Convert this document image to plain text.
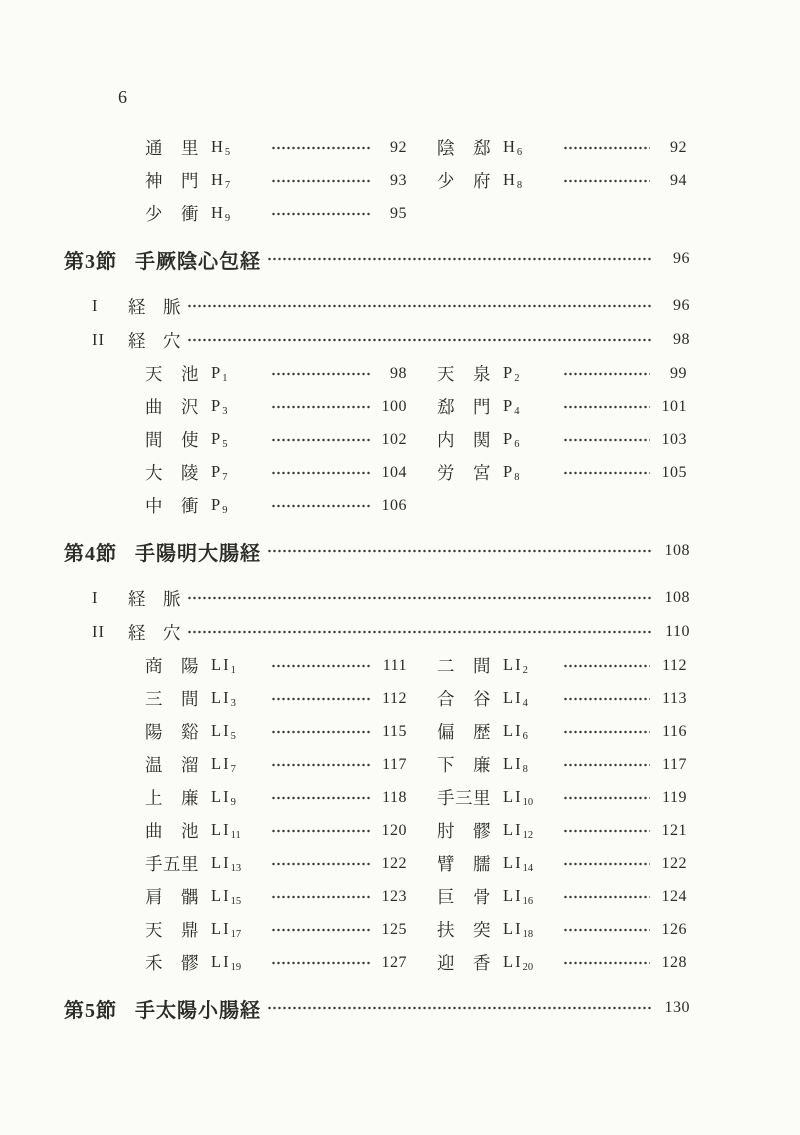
6
通　里 $H_5$	92 陰　郄 $H_6$	92
神　門 $H_7$	93 少　府 $H_8$	94
少　衝 $H_9$	95
第3節 手厥陰心包経	96
I	経　脈	96
II	経　穴	98
天　池 $P_1$	98 天　泉 $P_2$	99
曲　沢 $P_3$	100 郄　門 $P_4$	101
間　使 $P_5$	102 内　関 $P_6$	103
大　陵 $P_7$	104 労　宮 $P_8$	105
中　衝 $P_9$	106
第4節 手陽明大腸経	108
I	経　脈	108
II	経　穴	110
商　陽 $LI_1$	111 二　間 $LI_2$	112
三　間 $LI_3$	112 合　谷 $LI_4$	113
陽　谿 $LI_5$	115 偏　歴 $LI_6$	116
温　溜 $LI_7$	117 下　廉 $LI_8$	117
上　廉 $LI_9$	118 手三里 $LI_{10}$	119
曲　池 $LI_{11}$	120 肘　髎 $LI_{12}$	121
手五里 $LI_{13}$	122 臂　臑 $LI_{14}$	122
肩　髃 $LI_{15}$	123 巨　骨 $LI_{16}$	124
天　鼎 $LI_{17}$	125 扶　突 $LI_{18}$	126
禾　髎 $LI_{19}$	127 迎　香 $LI_{20}$	128
第5節 手太陽小腸経	130
